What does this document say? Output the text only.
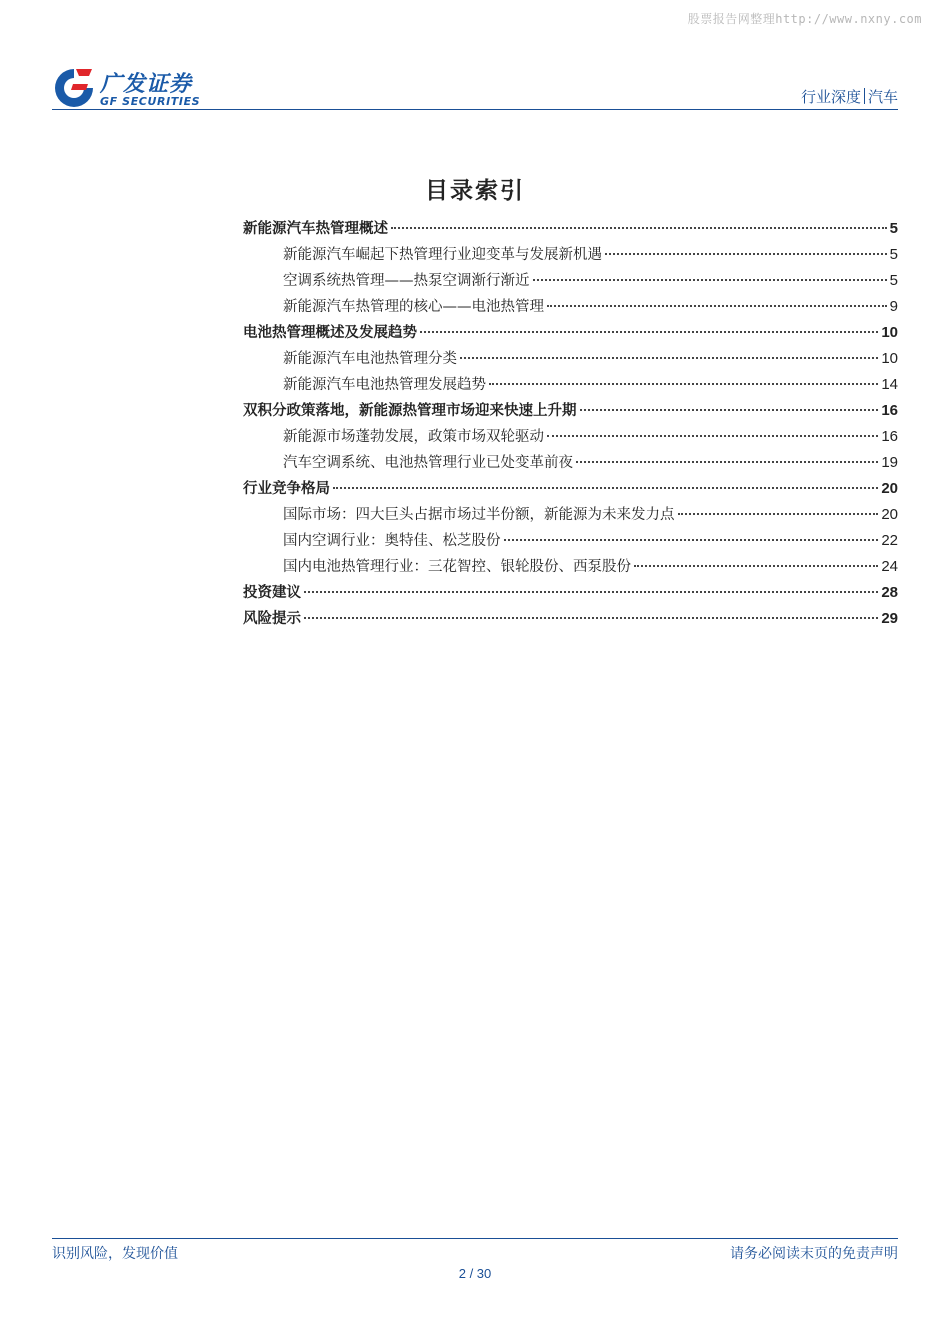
股票报告网整理http://www.nxny.com
广发证券
GF SECURITIES	行业深度 汽车
目录索引
新能源汽车热管理概述	5
新能源汽车崛起下热管理行业迎变革与发展新机遇	5
空调系统热管理——热泵空调渐行渐近	5
新能源汽车热管理的核心——电池热管理	9
电池热管理概述及发展趋势	10
新能源汽车电池热管理分类	10
新能源汽车电池热管理发展趋势	14
双积分政策落地，新能源热管理市场迎来快速上升期	16
新能源市场蓬勃发展，政策市场双轮驱动	16
汽车空调系统、电池热管理行业已处变革前夜	19
行业竞争格局	20
国际市场：四大巨头占据市场过半份额，新能源为未来发力点	20
国内空调行业：奥特佳、松芝股份	22
国内电池热管理行业：三花智控、银轮股份、西泵股份	24
投资建议	28
风险提示	29
识别风险，发现价值	请务必阅读末页的免责声明
2 / 30
